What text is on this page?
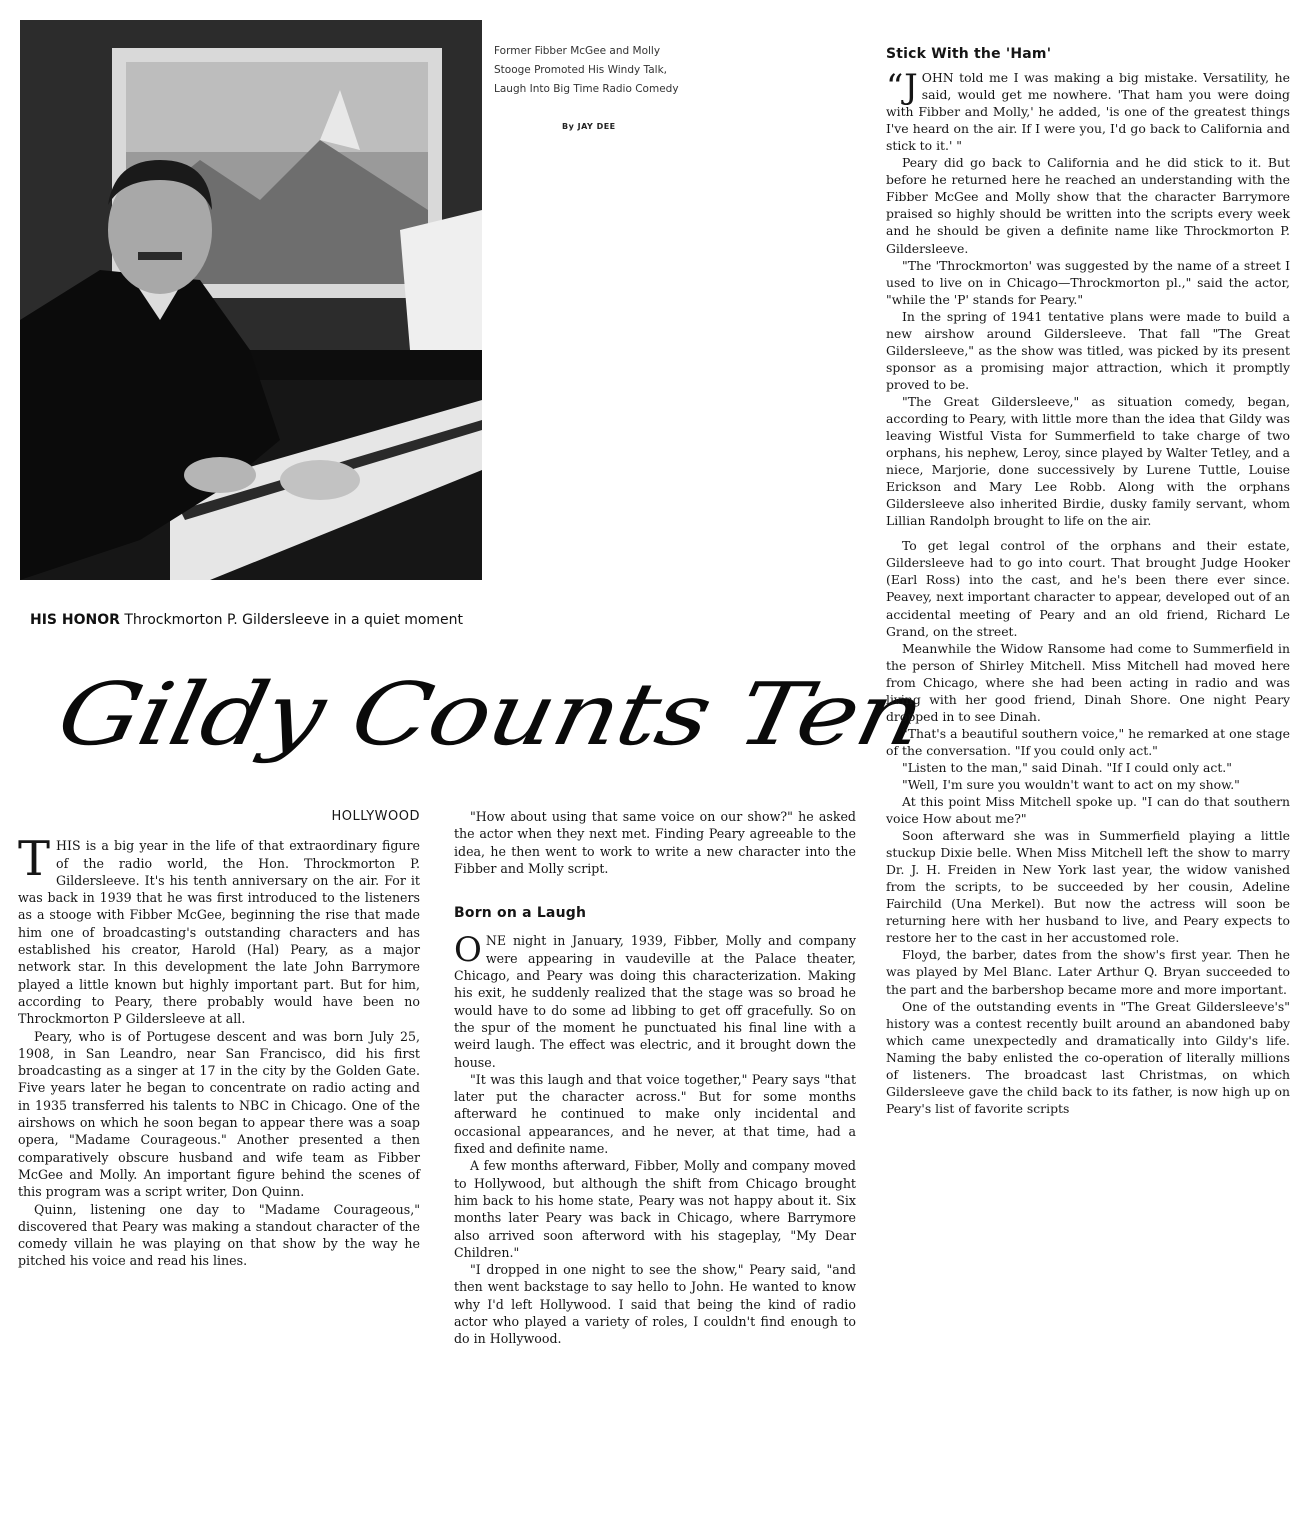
Former Fibber McGee and Molly
Stooge Promoted His Windy Talk,
Laugh Into Big Time Radio Comedy
By JAY DEE
HIS HONOR Throckmorton P. Gildersleeve in a quiet moment
Gildy Counts Ten
HOLLYWOOD

THIS is a big year in the life of that extraordinary figure of the radio world, the Hon. Throckmorton P. Gildersleeve. It's his tenth anniversary on the air. For it was back in 1939 that he was first introduced to the listeners as a stooge with Fibber McGee, beginning the rise that made him one of broadcasting's outstanding characters and has established his creator, Harold (Hal) Peary, as a major network star. In this development the late John Barrymore played a little known but highly important part. But for him, according to Peary, there probably would have been no Throckmorton P Gildersleeve at all.

Peary, who is of Portugese descent and was born July 25, 1908, in San Leandro, near San Francisco, did his first broadcasting as a singer at 17 in the city by the Golden Gate. Five years later he began to concentrate on radio acting and in 1935 transferred his talents to NBC in Chicago. One of the airshows on which he soon began to appear there was a soap opera, "Madame Courageous." Another presented a then comparatively obscure husband and wife team as Fibber McGee and Molly. An important figure behind the scenes of this program was a script writer, Don Quinn.

Quinn, listening one day to "Madame Courageous," discovered that Peary was making a standout character of the comedy villain he was playing on that show by the way he pitched his voice and read his lines.

"How about using that same voice on our show?" he asked the actor when they next met. Finding Peary agreeable to the idea, he then went to work to write a new character into the Fibber and Molly script.

Born on a Laugh

ONE night in January, 1939, Fibber, Molly and company were appearing in vaudeville at the Palace theater, Chicago, and Peary was doing this characterization. Making his exit, he suddenly realized that the stage was so broad he would have to do some ad libbing to get off gracefully. So on the spur of the moment he punctuated his final line with a weird laugh. The effect was electric, and it brought down the house.

"It was this laugh and that voice together," Peary says "that later put the character across." But for some months afterward he continued to make only incidental and occasional appearances, and he never, at that time, had a fixed and definite name.

A few months afterward, Fibber, Molly and company moved to Hollywood, but although the shift from Chicago brought him back to his home state, Peary was not happy about it. Six months later Peary was back in Chicago, where Barrymore also arrived soon afterword with his stageplay, "My Dear Children."

"I dropped in one night to see the show," Peary said, "and then went backstage to say hello to John. He wanted to know why I'd left Hollywood. I said that being the kind of radio actor who played a variety of roles, I couldn't find enough to do in Hollywood.

Stick With the 'Ham'

“JOHN told me I was making a big mistake. Versatility, he said, would get me nowhere. 'That ham you were doing with Fibber and Molly,' he added, 'is one of the greatest things I've heard on the air. If I were you, I'd go back to California and stick to it.' "

Peary did go back to California and he did stick to it. But before he returned here he reached an understanding with the Fibber McGee and Molly show that the character Barrymore praised so highly should be written into the scripts every week and he should be given a definite name like Throckmorton P. Gildersleeve.

"The 'Throckmorton' was suggested by the name of a street I used to live on in Chicago—Throckmorton pl.," said the actor, "while the 'P' stands for Peary."

In the spring of 1941 tentative plans were made to build a new airshow around Gildersleeve. That fall "The Great Gildersleeve," as the show was titled, was picked by its present sponsor as a promising major attraction, which it promptly proved to be.

"The Great Gildersleeve," as situation comedy, began, according to Peary, with little more than the idea that Gildy was leaving Wistful Vista for Summerfield to take charge of two orphans, his nephew, Leroy, since played by Walter Tetley, and a niece, Marjorie, done successively by Lurene Tuttle, Louise Erickson and Mary Lee Robb. Along with the orphans Gildersleeve also inherited Birdie, dusky family servant, whom Lillian Randolph brought to life on the air.

To get legal control of the orphans and their estate, Gildersleeve had to go into court. That brought Judge Hooker (Earl Ross) into the cast, and he's been there ever since. Peavey, next important character to appear, developed out of an accidental meeting of Peary and an old friend, Richard Le Grand, on the street.

Meanwhile the Widow Ransome had come to Summerfield in the person of Shirley Mitchell. Miss Mitchell had moved here from Chicago, where she had been acting in radio and was living with her good friend, Dinah Shore. One night Peary dropped in to see Dinah.

"That's a beautiful southern voice," he remarked at one stage of the conversation. "If you could only act."

"Listen to the man," said Dinah. "If I could only act."

"Well, I'm sure you wouldn't want to act on my show."

At this point Miss Mitchell spoke up. "I can do that southern voice How about me?"

Soon afterward she was in Summerfield playing a little stuckup Dixie belle. When Miss Mitchell left the show to marry Dr. J. H. Freiden in New York last year, the widow vanished from the scripts, to be succeeded by her cousin, Adeline Fairchild (Una Merkel). But now the actress will soon be returning here with her husband to live, and Peary expects to restore her to the cast in her accustomed role.

Floyd, the barber, dates from the show's first year. Then he was played by Mel Blanc. Later Arthur Q. Bryan succeeded to the part and the barbershop became more and more important.

One of the outstanding events in "The Great Gildersleeve's" history was a contest recently built around an abandoned baby which came unexpectedly and dramatically into Gildy's life. Naming the baby enlisted the co-operation of literally millions of listeners. The broadcast last Christmas, on which Gildersleeve gave the child back to its father, is now high up on Peary's list of favorite scripts
